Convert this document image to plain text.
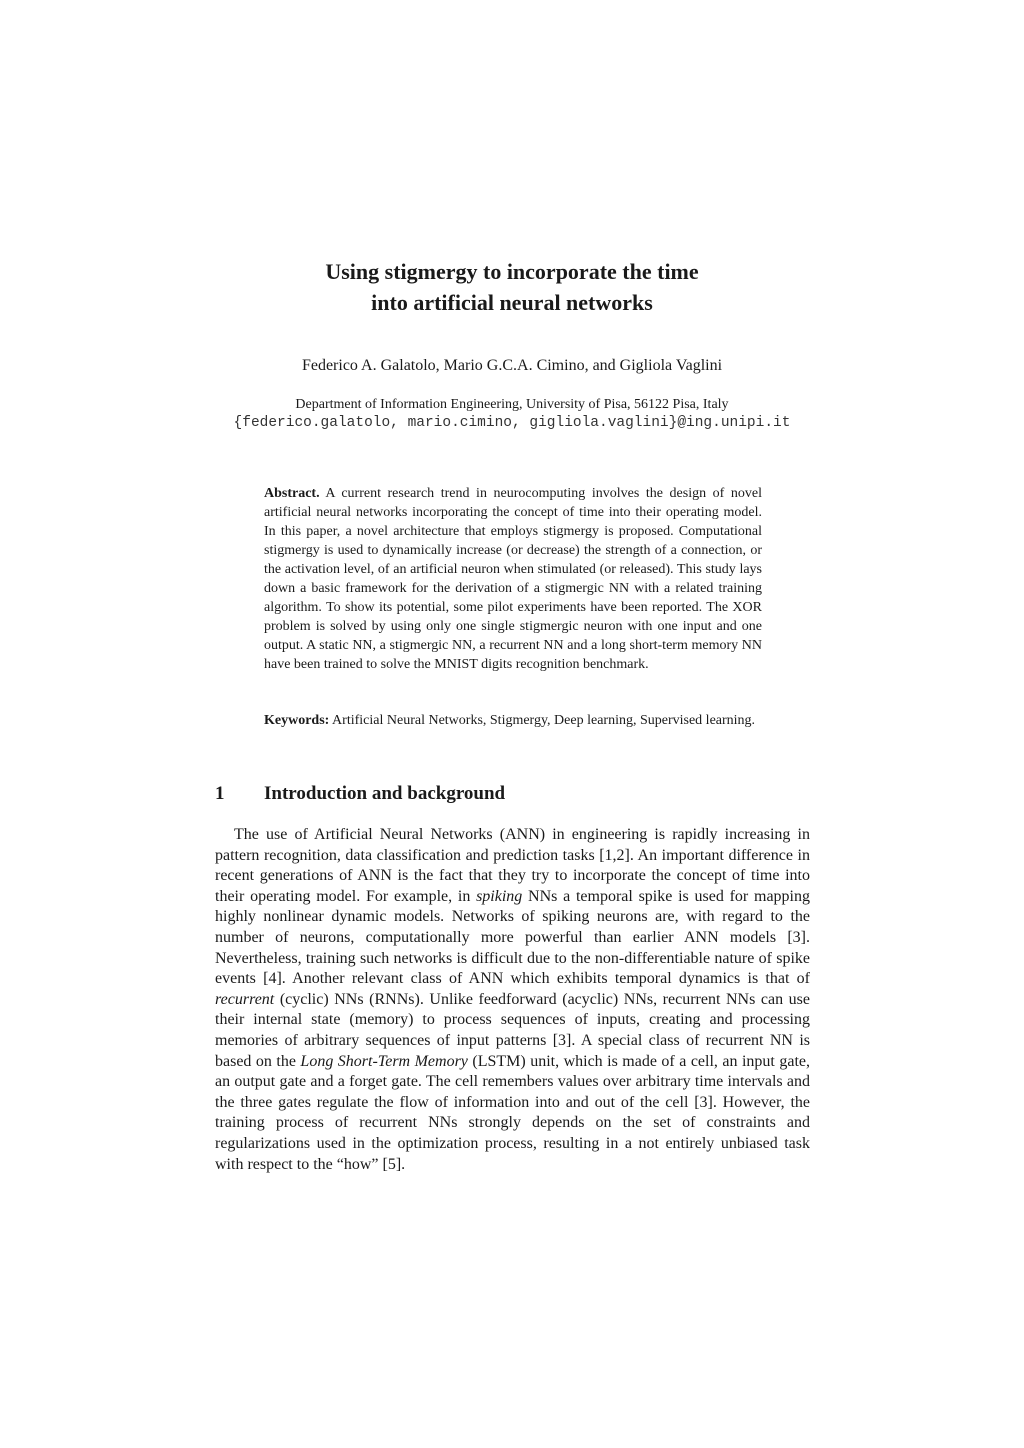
Using stigmergy to incorporate the time
into artificial neural networks
Federico A. Galatolo, Mario G.C.A. Cimino, and Gigliola Vaglini
Department of Information Engineering, University of Pisa, 56122 Pisa, Italy
{federico.galatolo, mario.cimino, gigliola.vaglini}@ing.unipi.it
Abstract. A current research trend in neurocomputing involves the design of novel artificial neural networks incorporating the concept of time into their operating model. In this paper, a novel architecture that employs stigmergy is proposed. Computational stigmergy is used to dynamically increase (or decrease) the strength of a connection, or the activation level, of an artificial neuron when stimulated (or released). This study lays down a basic framework for the derivation of a stigmergic NN with a related training algorithm. To show its potential, some pilot experiments have been reported. The XOR problem is solved by using only one single stigmergic neuron with one input and one output. A static NN, a stigmergic NN, a recurrent NN and a long short-term memory NN have been trained to solve the MNIST digits recognition benchmark.
Keywords: Artificial Neural Networks, Stigmergy, Deep learning, Supervised learning.
1 Introduction and background
The use of Artificial Neural Networks (ANN) in engineering is rapidly increasing in pattern recognition, data classification and prediction tasks [1,2]. An important difference in recent generations of ANN is the fact that they try to incorporate the concept of time into their operating model. For example, in spiking NNs a temporal spike is used for mapping highly nonlinear dynamic models. Networks of spiking neurons are, with regard to the number of neurons, computationally more powerful than earlier ANN models [3]. Nevertheless, training such networks is difficult due to the non-differentiable nature of spike events [4]. Another relevant class of ANN which exhibits temporal dynamics is that of recurrent (cyclic) NNs (RNNs). Unlike feedforward (acyclic) NNs, recurrent NNs can use their internal state (memory) to process sequences of inputs, creating and processing memories of arbitrary sequences of input patterns [3]. A special class of recurrent NN is based on the Long Short-Term Memory (LSTM) unit, which is made of a cell, an input gate, an output gate and a forget gate. The cell remembers values over arbitrary time intervals and the three gates regulate the flow of information into and out of the cell [3]. However, the training process of recurrent NNs strongly depends on the set of constraints and regularizations used in the optimization process, resulting in a not entirely unbiased task with respect to the “how” [5].
